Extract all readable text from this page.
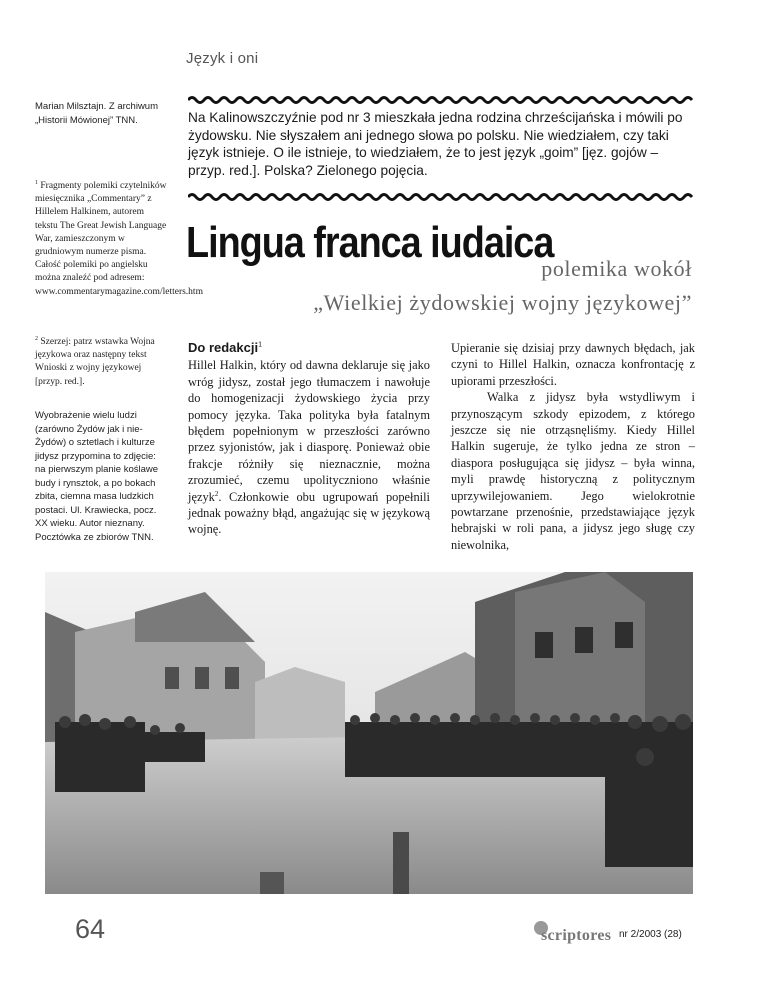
Język i oni
Marian Milsztajn. Z archiwum „Historii Mówionej” TNN.
$^1$ Fragmenty polemiki czytelników miesięcznika „Commentary” z Hillelem Halkinem, autorem tekstu The Great Jewish Language War, zamieszczonym w grudniowym numerze pisma. Całość polemiki po angielsku można znaleźć pod adresem: www.commentarymagazine.com/letters.htm
$^2$ Szerzej: patrz wstawka Wojna językowa oraz następny tekst Wnioski z wojny językowej [przyp. red.].
Wyobrażenie wielu ludzi (zarówno Żydów jak i nie-Żydów) o sztetlach i kulturze jidysz przypomina to zdjęcie: na pierwszym planie koślawe budy i rynsztok, a po bokach zbita, ciemna masa ludzkich postaci. Ul. Krawiecka, pocz. XX wieku. Autor nieznany. Pocztówka ze zbiorów TNN.
Na Kalinowszczyźnie pod nr 3 mieszkała jedna rodzina chrześcijańska i mówili po żydowsku. Nie słyszałem ani jednego słowa po polsku. Nie wiedziałem, czy taki język istnieje. O ile istnieje, to wiedziałem, że to jest język „goim” [jęz. gojów – przyp. red.]. Polska? Zielonego pojęcia.
Lingua franca iudaica
polemika wokół
„Wielkiej żydowskiej wojny językowej”
Do redakcji$^1$
Hillel Halkin, który od dawna deklaruje się jako wróg jidysz, został jego tłumaczem i nawołuje do homogenizacji żydowskiego życia przy pomocy języka. Taka polityka była fatalnym błędem popełnionym w przeszłości zarówno przez syjonistów, jak i diasporę. Ponieważ obie frakcje różniły się nieznacznie, można zrozumieć, czemu upolitycznionо właśnie język$^2$. Członkowie obu ugrupowań popełnili jednak poważny błąd, angażując się w językową wojnę.
Upieranie się dzisiaj przy dawnych błędach, jak czyni to Hillel Halkin, oznacza konfrontację z upiorami przeszłości.
Walka z jidysz była wstydliwym i przynoszącym szkody epizodem, z którego jeszcze się nie otrząsnęliśmy. Kiedy Hillel Halkin sugeruje, że tylko jedna ze stron – diaspora posługująca się jidysz – była winna, myli prawdę historyczną z politycznym uprzywilejowaniem. Jego wielokrotnie powtarzane przenośnie, przedstawiające język hebrajski w roli pana, a jidysz jego sługę czy niewolnika,
64	scriptores nr 2/2003 (28)
